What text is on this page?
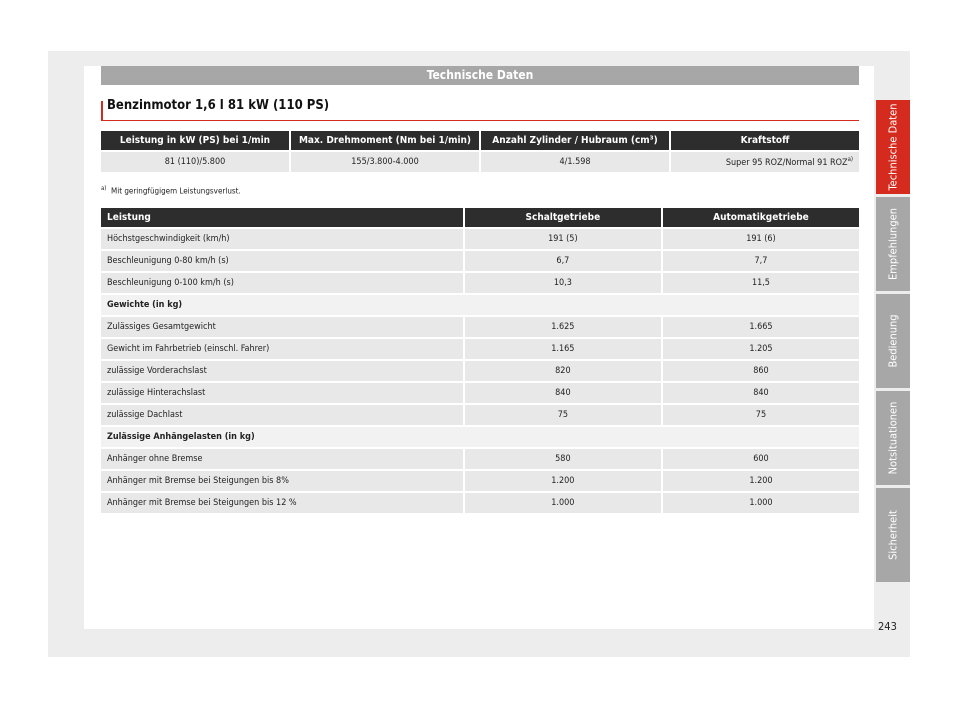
Technische Daten
Benzinmotor 1,6 l 81 kW (110 PS)
Leistung in kW (PS) bei 1/min	Max. Drehmoment (Nm bei 1/min)	Anzahl Zylinder / Hubraum (cm³)	Kraftstoff
81 (110)/5.800	155/3.800-4.000	4/1.598	Super 95 ROZ/Normal 91 ROZ$^{a)}$
$^{a)}$ Mit geringfügigem Leistungsverlust.
Leistung	Schaltgetriebe	Automatikgetriebe
Höchstgeschwindigkeit (km/h)	191 (5)	191 (6)
Beschleunigung 0-80 km/h (s)	6,7	7,7
Beschleunigung 0-100 km/h (s)	10,3	11,5
Gewichte (in kg)		
Zulässiges Gesamtgewicht	1.625	1.665
Gewicht im Fahrbetrieb (einschl. Fahrer)	1.165	1.205
zulässige Vorderachslast	820	860
zulässige Hinterachslast	840	840
zulässige Dachlast	75	75
Zulässige Anhängelasten (in kg)		
Anhänger ohne Bremse	580	600
Anhänger mit Bremse bei Steigungen bis 8%	1.200	1.200
Anhänger mit Bremse bei Steigungen bis 12 %	1.000	1.000
Technische Daten
Empfehlungen
Bedienung
Notsituationen
Sicherheit
243
